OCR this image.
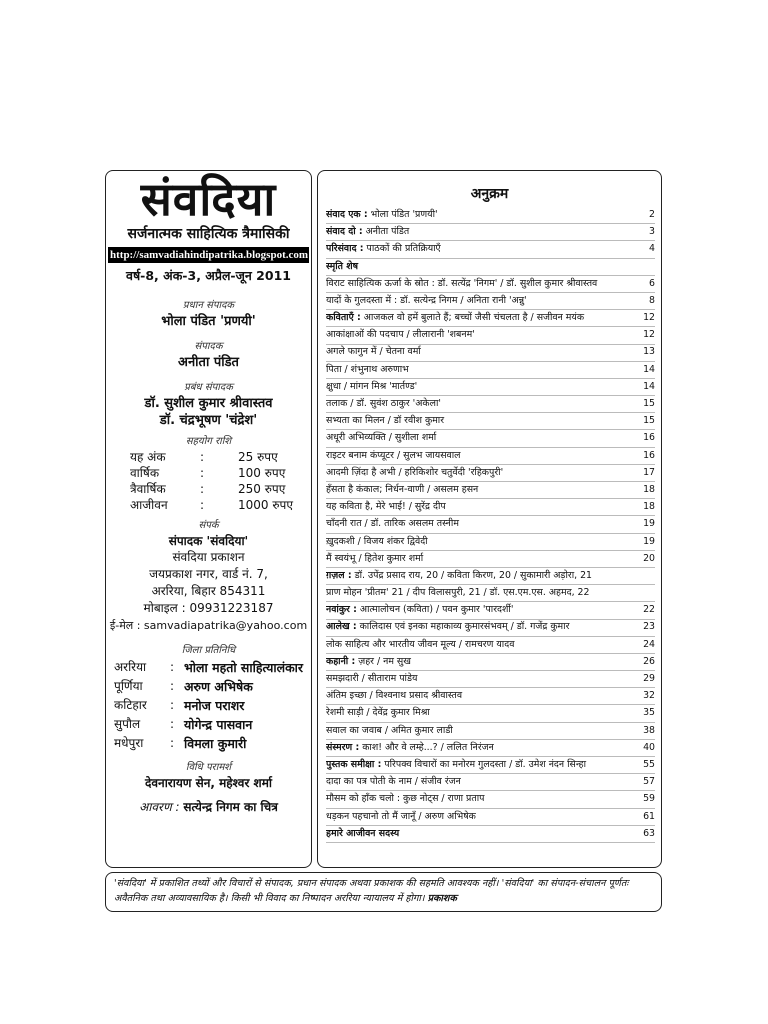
संवदिया
सर्जनात्मक साहित्यिक त्रैमासिकी
http://samvadiahindipatrika.blogspot.com
वर्ष-8, अंक-3, अप्रैल-जून 2011
प्रधान संपादक
भोला पंडित 'प्रणयी'
संपादक
अनीता पंडित
प्रबंध संपादक
डॉ. सुशील कुमार श्रीवास्तव
डॉ. चंद्रभूषण 'चंद्रेश'
सहयोग राशि
यह अंक	:	25 रुपए
वार्षिक	:	100 रुपए
त्रैवार्षिक	:	250 रुपए
आजीवन	:	1000 रुपए
संपर्क
संपादक 'संवदिया'
संवदिया प्रकाशन
जयप्रकाश नगर, वार्ड नं. 7,
अररिया, बिहार 854311
मोबाइल : 09931223187
ई-मेल : samvadiapatrika@yahoo.com
जिला प्रतिनिधि
अररिया	: भोला महतो साहित्यालंकार
पूर्णिया	: अरुण अभिषेक
कटिहार	: मनोज पराशर
सुपौल	: योगेन्द्र पासवान
मधेपुरा	: विमला कुमारी
विधि परामर्श
देवनारायण सेन, महेश्वर शर्मा
आवरण : सत्येन्द्र निगम का चित्र
अनुक्रम
संवाद एक : भोला पंडित 'प्रणयी'	2
संवाद दो : अनीता पंडित	3
परिसंवाद : पाठकों की प्रतिक्रियाएँ	4
स्मृति शेष
विराट साहित्यिक ऊर्जा के स्रोत : डॉ. सत्येंद्र 'निगम' / डॉ. सुशील कुमार श्रीवास्तव	6
यादों के गुलदस्ता में : डॉ. सत्येन्द्र निगम / अनिता रानी 'अन्नु'	8
कविताएँ : आजकल वो हमें बुलाते हैं; बच्चों जैसी चंचलता है / सजीवन मयंक	12
आकांक्षाओं की पदचाप / लीलारानी 'शबनम'	12
अगले फागुन में / चेतना वर्मा	13
पिता / शंभुनाथ अरुणाभ	14
क्षुधा / मांगन मिश्र 'मार्तण्ड'	14
तलाक / डॉ. सुवंश ठाकुर 'अकेला'	15
सभ्यता का मिलन / डॉ रवीश कुमार	15
अधूरी अभिव्यक्ति / सुशीला शर्मा	16
राइटर बनाम कंप्यूटर / सुलभ जायसवाल	16
आदमी ज़िंदा है अभी / हरिकिशोर चतुर्वेदी 'रहिकपुरी'	17
हँसता है कंकाल; निर्धन-वाणी / असलम हसन	18
यह कविता है, मेरे भाई! / सुरेंद्र दीप	18
चाँदनी रात / डॉ. तारिक असलम तस्नीम	19
ख़ुदकशी / विजय शंकर द्विवेदी	19
मैं स्वयंभू / हितेश कुमार शर्मा	20
ग़ज़ल : डॉ. उपेंद्र प्रसाद राय, 20 / कविता किरण, 20 / सुकामारी अड़ोरा, 21
प्राण मोहन 'प्रीतम' 21 / दीप विलासपुरी, 21 / डॉ. एस.एम.एस. अहमद, 22
नवांकुर : आत्मालोचन (कविता) / पवन कुमार 'पारदर्शी'	22
आलेख : कालिदास एवं इनका महाकाव्य कुमारसंभवम् / डॉ. गजेंद्र कुमार	23
लोक साहित्य और भारतीय जीवन मूल्य / रामचरण यादव	24
कहानी : ज़हर / नम सुख	26
समझदारी / सीताराम पांडेय	29
अंतिम इच्छा / विश्वनाथ प्रसाद श्रीवास्तव	32
रेशमी साड़ी / देवेंद्र कुमार मिश्रा	35
सवाल का जवाब / अमित कुमार लाडी	38
संस्मरण : काश! और वे लम्हे...? / ललित निरंजन	40
पुस्तक समीक्षा : परिपक्व विचारों का मनोरम गुलदस्ता / डॉ. उमेश नंदन सिन्हा	55
दादा का पत्र पोती के नाम / संजीव रंजन	57
मौसम को हाँक चलो : कुछ नोट्स / राणा प्रताप	59
धड़कन पहचानो तो मैं जानूँ / अरुण अभिषेक	61
हमारे आजीवन सदस्य	63
'संवदिया' में प्रकाशित तथ्यों और विचारों से संपादक, प्रधान संपादक अथवा प्रकाशक की सहमति आवश्यक नहीं। 'संवदिया' का संपादन-संचालन पूर्णतः अवैतनिक तथा अव्यावसायिक है। किसी भी विवाद का निष्पादन अररिया न्यायालय में होगा। प्रकाशक
